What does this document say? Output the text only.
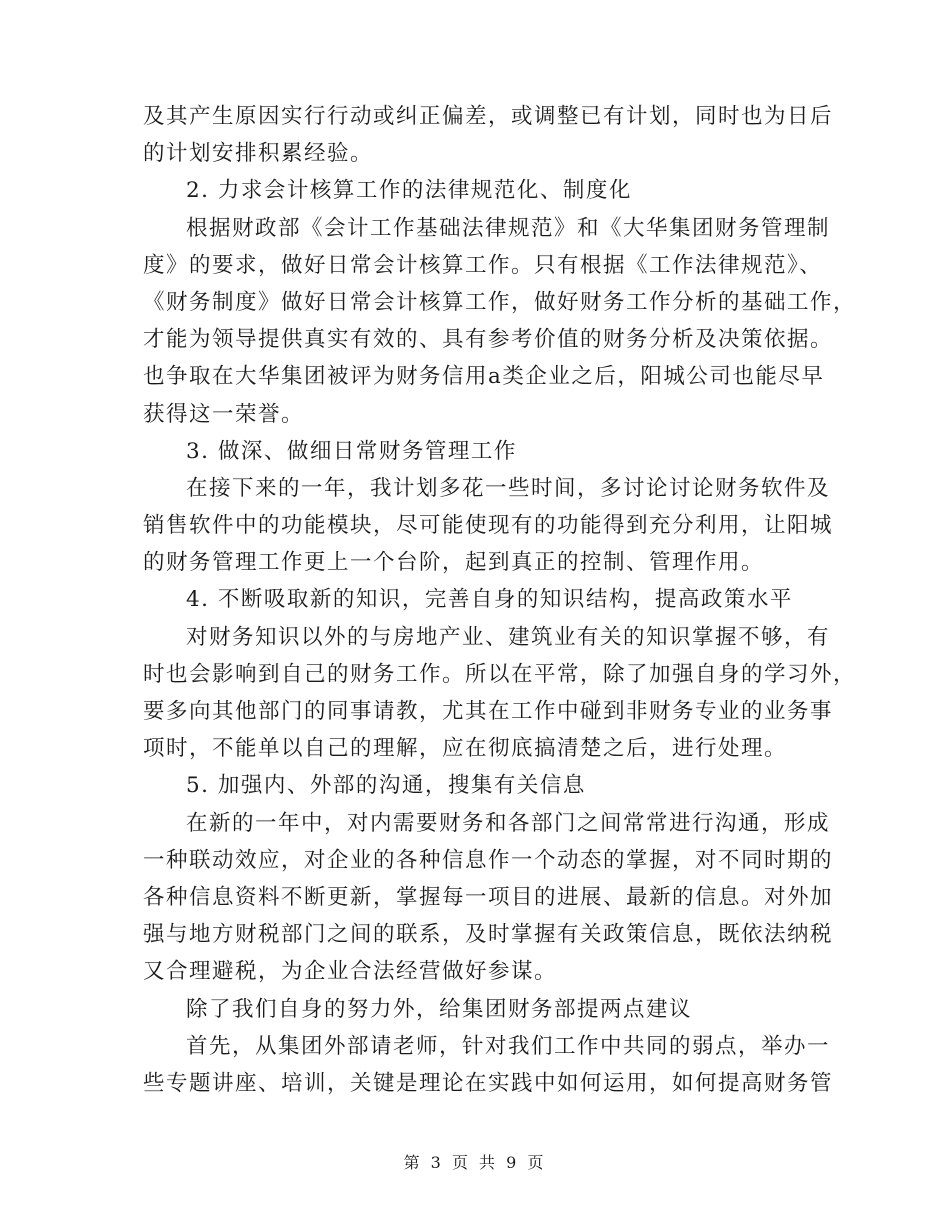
及其产生原因实行行动或纠正偏差，或调整已有计划，同时也为日后
的计划安排积累经验。
2. 力求会计核算工作的法律规范化、制度化
根据财政部《会计工作基础法律规范》和《大华集团财务管理制
度》的要求，做好日常会计核算工作。只有根据《工作法律规范》、
《财务制度》做好日常会计核算工作，做好财务工作分析的基础工作，
才能为领导提供真实有效的、具有参考价值的财务分析及决策依据。
也争取在大华集团被评为财务信用a类企业之后，阳城公司也能尽早
获得这一荣誉。
3. 做深、做细日常财务管理工作
在接下来的一年，我计划多花一些时间，多讨论讨论财务软件及
销售软件中的功能模块，尽可能使现有的功能得到充分利用，让阳城
的财务管理工作更上一个台阶，起到真正的控制、管理作用。
4. 不断吸取新的知识，完善自身的知识结构，提高政策水平
对财务知识以外的与房地产业、建筑业有关的知识掌握不够，有
时也会影响到自己的财务工作。所以在平常，除了加强自身的学习外，
要多向其他部门的同事请教，尤其在工作中碰到非财务专业的业务事
项时，不能单以自己的理解，应在彻底搞清楚之后，进行处理。
5. 加强内、外部的沟通，搜集有关信息
在新的一年中，对内需要财务和各部门之间常常进行沟通，形成
一种联动效应，对企业的各种信息作一个动态的掌握，对不同时期的
各种信息资料不断更新，掌握每一项目的进展、最新的信息。对外加
强与地方财税部门之间的联系，及时掌握有关政策信息，既依法纳税
又合理避税，为企业合法经营做好参谋。
除了我们自身的努力外，给集团财务部提两点建议
首先，从集团外部请老师，针对我们工作中共同的弱点，举办一
些专题讲座、培训，关键是理论在实践中如何运用，如何提高财务管
第 3 页 共 9 页
